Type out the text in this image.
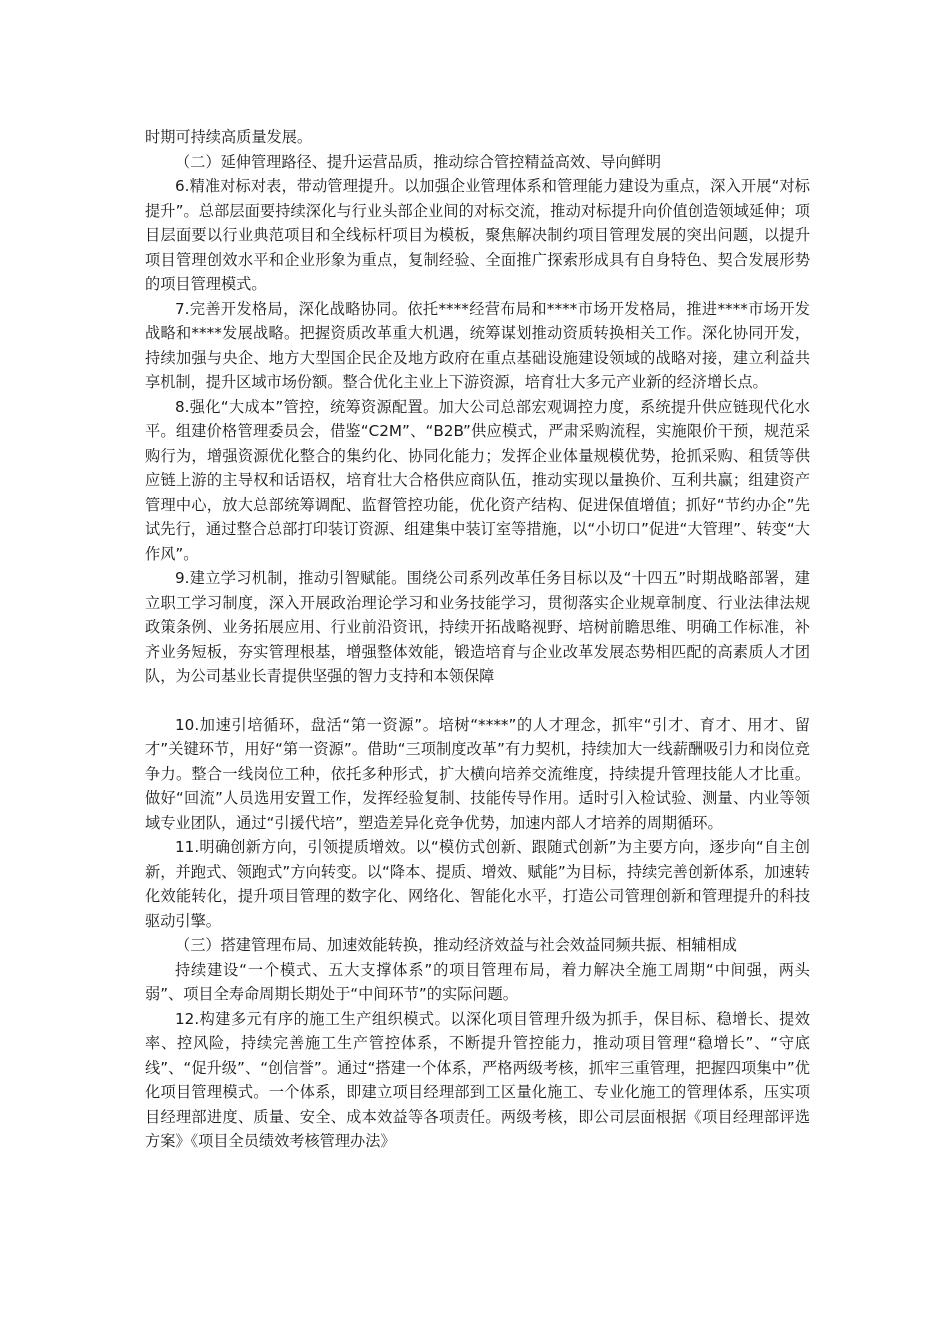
时期可持续高质量发展。

（二）延伸管理路径、提升运营品质，推动综合管控精益高效、导向鲜明

6.精准对标对表，带动管理提升。以加强企业管理体系和管理能力建设为重点，深入开展“对标提升”。总部层面要持续深化与行业头部企业间的对标交流，推动对标提升向价值创造领域延伸；项目层面要以行业典范项目和全线标杆项目为模板，聚焦解决制约项目管理发展的突出问题，以提升项目管理创效水平和企业形象为重点，复制经验、全面推广探索形成具有自身特色、契合发展形势的项目管理模式。

7.完善开发格局，深化战略协同。依托****经营布局和****市场开发格局，推进****市场开发战略和****发展战略。把握资质改革重大机遇，统筹谋划推动资质转换相关工作。深化协同开发，持续加强与央企、地方大型国企民企及地方政府在重点基础设施建设领域的战略对接，建立利益共享机制，提升区域市场份额。整合优化主业上下游资源，培育壮大多元产业新的经济增长点。

8.强化“大成本”管控，统筹资源配置。加大公司总部宏观调控力度，系统提升供应链现代化水平。组建价格管理委员会，借鉴“C2M”、“B2B”供应模式，严肃采购流程，实施限价干预，规范采购行为，增强资源优化整合的集约化、协同化能力；发挥企业体量规模优势，抢抓采购、租赁等供应链上游的主导权和话语权，培育壮大合格供应商队伍，推动实现以量换价、互利共赢；组建资产管理中心，放大总部统筹调配、监督管控功能，优化资产结构、促进保值增值；抓好“节约办企”先试先行，通过整合总部打印装订资源、组建集中装订室等措施，以“小切口”促进“大管理”、转变“大作风”。

9.建立学习机制，推动引智赋能。围绕公司系列改革任务目标以及“十四五”时期战略部署，建立职工学习制度，深入开展政治理论学习和业务技能学习，贯彻落实企业规章制度、行业法律法规政策条例、业务拓展应用、行业前沿资讯，持续开拓战略视野、培树前瞻思维、明确工作标准，补齐业务短板，夯实管理根基，增强整体效能，锻造培育与企业改革发展态势相匹配的高素质人才团队，为公司基业长青提供坚强的智力支持和本领保障

10.加速引培循环，盘活“第一资源”。培树“****”的人才理念，抓牢“引才、育才、用才、留才”关键环节，用好“第一资源”。借助“三项制度改革”有力契机，持续加大一线薪酬吸引力和岗位竞争力。整合一线岗位工种，依托多种形式，扩大横向培养交流维度，持续提升管理技能人才比重。做好“回流”人员选用安置工作，发挥经验复制、技能传导作用。适时引入检试验、测量、内业等领域专业团队，通过“引援代培”，塑造差异化竞争优势，加速内部人才培养的周期循环。

11.明确创新方向，引领提质增效。以“模仿式创新、跟随式创新”为主要方向，逐步向“自主创新，并跑式、领跑式”方向转变。以“降本、提质、增效、赋能”为目标，持续完善创新体系，加速转化效能转化，提升项目管理的数字化、网络化、智能化水平，打造公司管理创新和管理提升的科技驱动引擎。

（三）搭建管理布局、加速效能转换，推动经济效益与社会效益同频共振、相辅相成

持续建设“一个模式、五大支撑体系”的项目管理布局，着力解决全施工周期“中间强，两头弱”、项目全寿命周期长期处于“中间环节”的实际问题。

12.构建多元有序的施工生产组织模式。以深化项目管理升级为抓手，保目标、稳增长、提效率、控风险，持续完善施工生产管控体系，不断提升管控能力，推动项目管理“稳增长”、“守底线”、“促升级”、“创信誉”。通过“搭建一个体系，严格两级考核，抓牢三重管理，把握四项集中”优化项目管理模式。一个体系，即建立项目经理部到工区量化施工、专业化施工的管理体系，压实项目经理部进度、质量、安全、成本效益等各项责任。两级考核，即公司层面根据《项目经理部评选方案》《项目全员绩效考核管理办法》
